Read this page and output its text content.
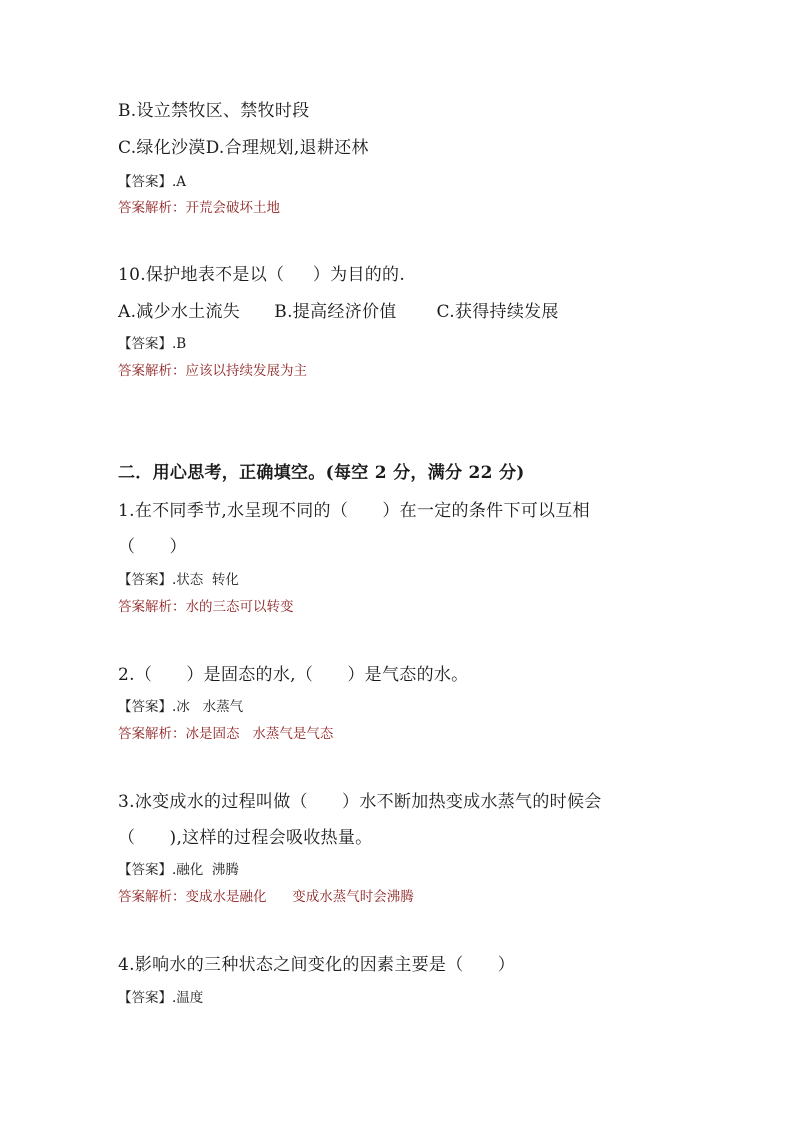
B.设立禁牧区、禁牧时段
C.绿化沙漠D.合理规划,退耕还林
【答案】.A
答案解析：开荒会破坏土地
10.保护地表不是以（     ）为目的的.
A.减少水土流失      B.提高经济价值       C.获得持续发展
【答案】.B
答案解析：应该以持续发展为主
二．用心思考，正确填空。(每空 2 分，满分 22 分)
1.在不同季节,水呈现不同的（      ）在一定的条件下可以互相
（      ）
【答案】.状态  转化
答案解析：水的三态可以转变
2.（      ）是固态的水,（      ）是气态的水。
【答案】.冰   水蒸气
答案解析：冰是固态   水蒸气是气态
3.冰变成水的过程叫做（      ）水不断加热变成水蒸气的时候会
（      ),这样的过程会吸收热量。
【答案】.融化  沸腾
答案解析：变成水是融化      变成水蒸气时会沸腾
4.影响水的三种状态之间变化的因素主要是（      ）
【答案】.温度
